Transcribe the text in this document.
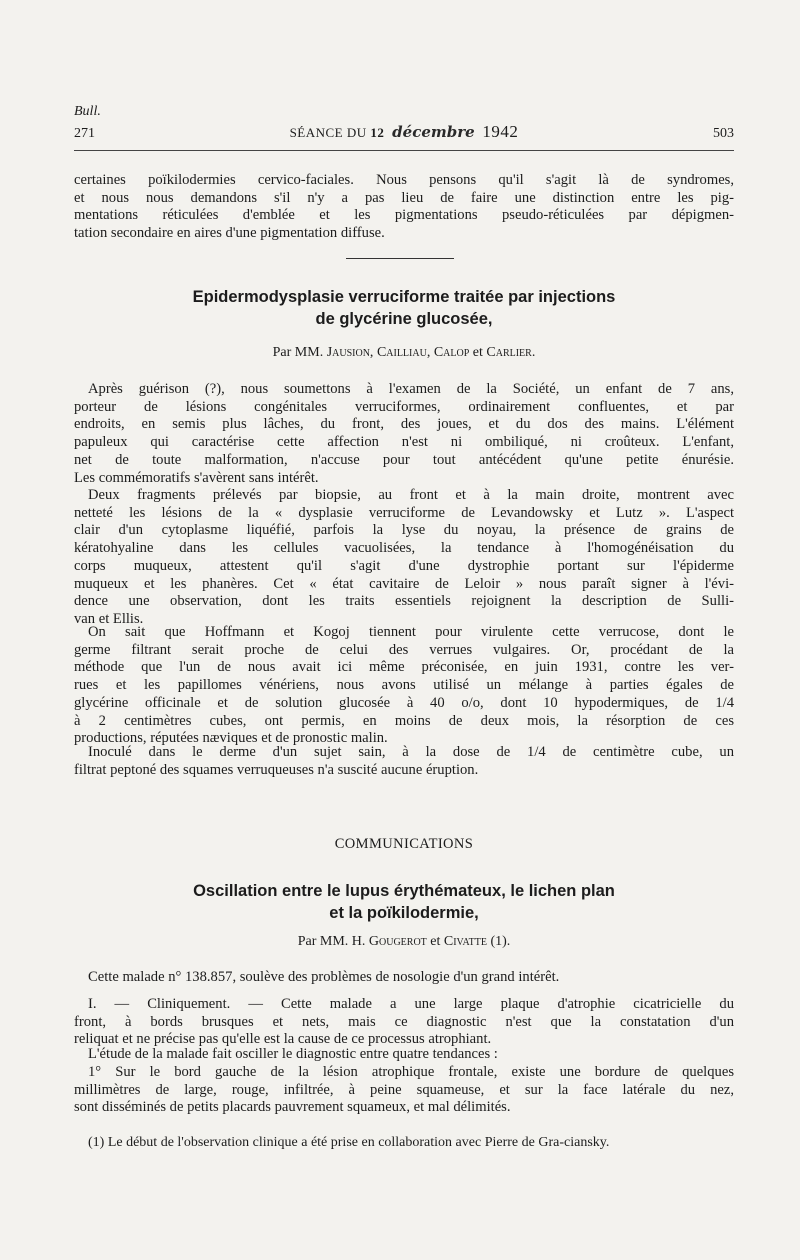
Bull.
271	SÉANCE DU 12 décembre 1942	503
certaines poïkilodermies cervico-faciales. Nous pensons qu'il s'agit là de syndromes,
et nous nous demandons s'il n'y a pas lieu de faire une distinction entre les pig-
mentations réticulées d'emblée et les pigmentations pseudo-réticulées par dépigmen-
tation secondaire en aires d'une pigmentation diffuse.
Epidermodysplasie verruciforme traitée par injections
de glycérine glucosée,
Par MM. Jausion, Cailliau, Calop et Carlier.
Après guérison (?), nous soumettons à l'examen de la Société, un enfant de 7 ans,
porteur de lésions congénitales verruciformes, ordinairement confluentes, et par
endroits, en semis plus lâches, du front, des joues, et du dos des mains. L'élément
papuleux qui caractérise cette affection n'est ni ombiliqué, ni croûteux. L'enfant,
net de toute malformation, n'accuse pour tout antécédent qu'une petite énurésie.
Les commémoratifs s'avèrent sans intérêt.
Deux fragments prélevés par biopsie, au front et à la main droite, montrent avec
netteté les lésions de la « dysplasie verruciforme de Levandowsky et Lutz ». L'aspect
clair d'un cytoplasme liquéfié, parfois la lyse du noyau, la présence de grains de
kératohyaline dans les cellules vacuolisées, la tendance à l'homogénéisation du
corps muqueux, attestent qu'il s'agit d'une dystrophie portant sur l'épiderme
muqueux et les phanères. Cet « état cavitaire de Leloir » nous paraît signer à l'évi-
dence une observation, dont les traits essentiels rejoignent la description de Sulli-
van et Ellis.
On sait que Hoffmann et Kogoj tiennent pour virulente cette verrucose, dont le
germe filtrant serait proche de celui des verrues vulgaires. Or, procédant de la
méthode que l'un de nous avait ici même préconisée, en juin 1931, contre les ver-
rues et les papillomes vénériens, nous avons utilisé un mélange à parties égales de
glycérine officinale et de solution glucosée à 40 o/o, dont 10 hypodermiques, de 1/4
à 2 centimètres cubes, ont permis, en moins de deux mois, la résorption de ces
productions, réputées næviques et de pronostic malin.
Inoculé dans le derme d'un sujet sain, à la dose de 1/4 de centimètre cube, un
filtrat peptoné des squames verruqueuses n'a suscité aucune éruption.
COMMUNICATIONS
Oscillation entre le lupus érythémateux, le lichen plan
et la poïkilodermie,
Par MM. H. Gougerot et Civatte (1).
Cette malade n° 138.857, soulève des problèmes de nosologie d'un grand intérêt.
I. — Cliniquement. — Cette malade a une large plaque d'atrophie cicatricielle du
front, à bords brusques et nets, mais ce diagnostic n'est que la constatation d'un
reliquat et ne précise pas qu'elle est la cause de ce processus atrophiant.
L'étude de la malade fait osciller le diagnostic entre quatre tendances :
1° Sur le bord gauche de la lésion atrophique frontale, existe une bordure de quelques
millimètres de large, rouge, infiltrée, à peine squameuse, et sur la face latérale du nez,
sont disséminés de petits placards pauvrement squameux, et mal délimités.
(1) Le début de l'observation clinique a été prise en collaboration avec Pierre de Gra-ciansky.
